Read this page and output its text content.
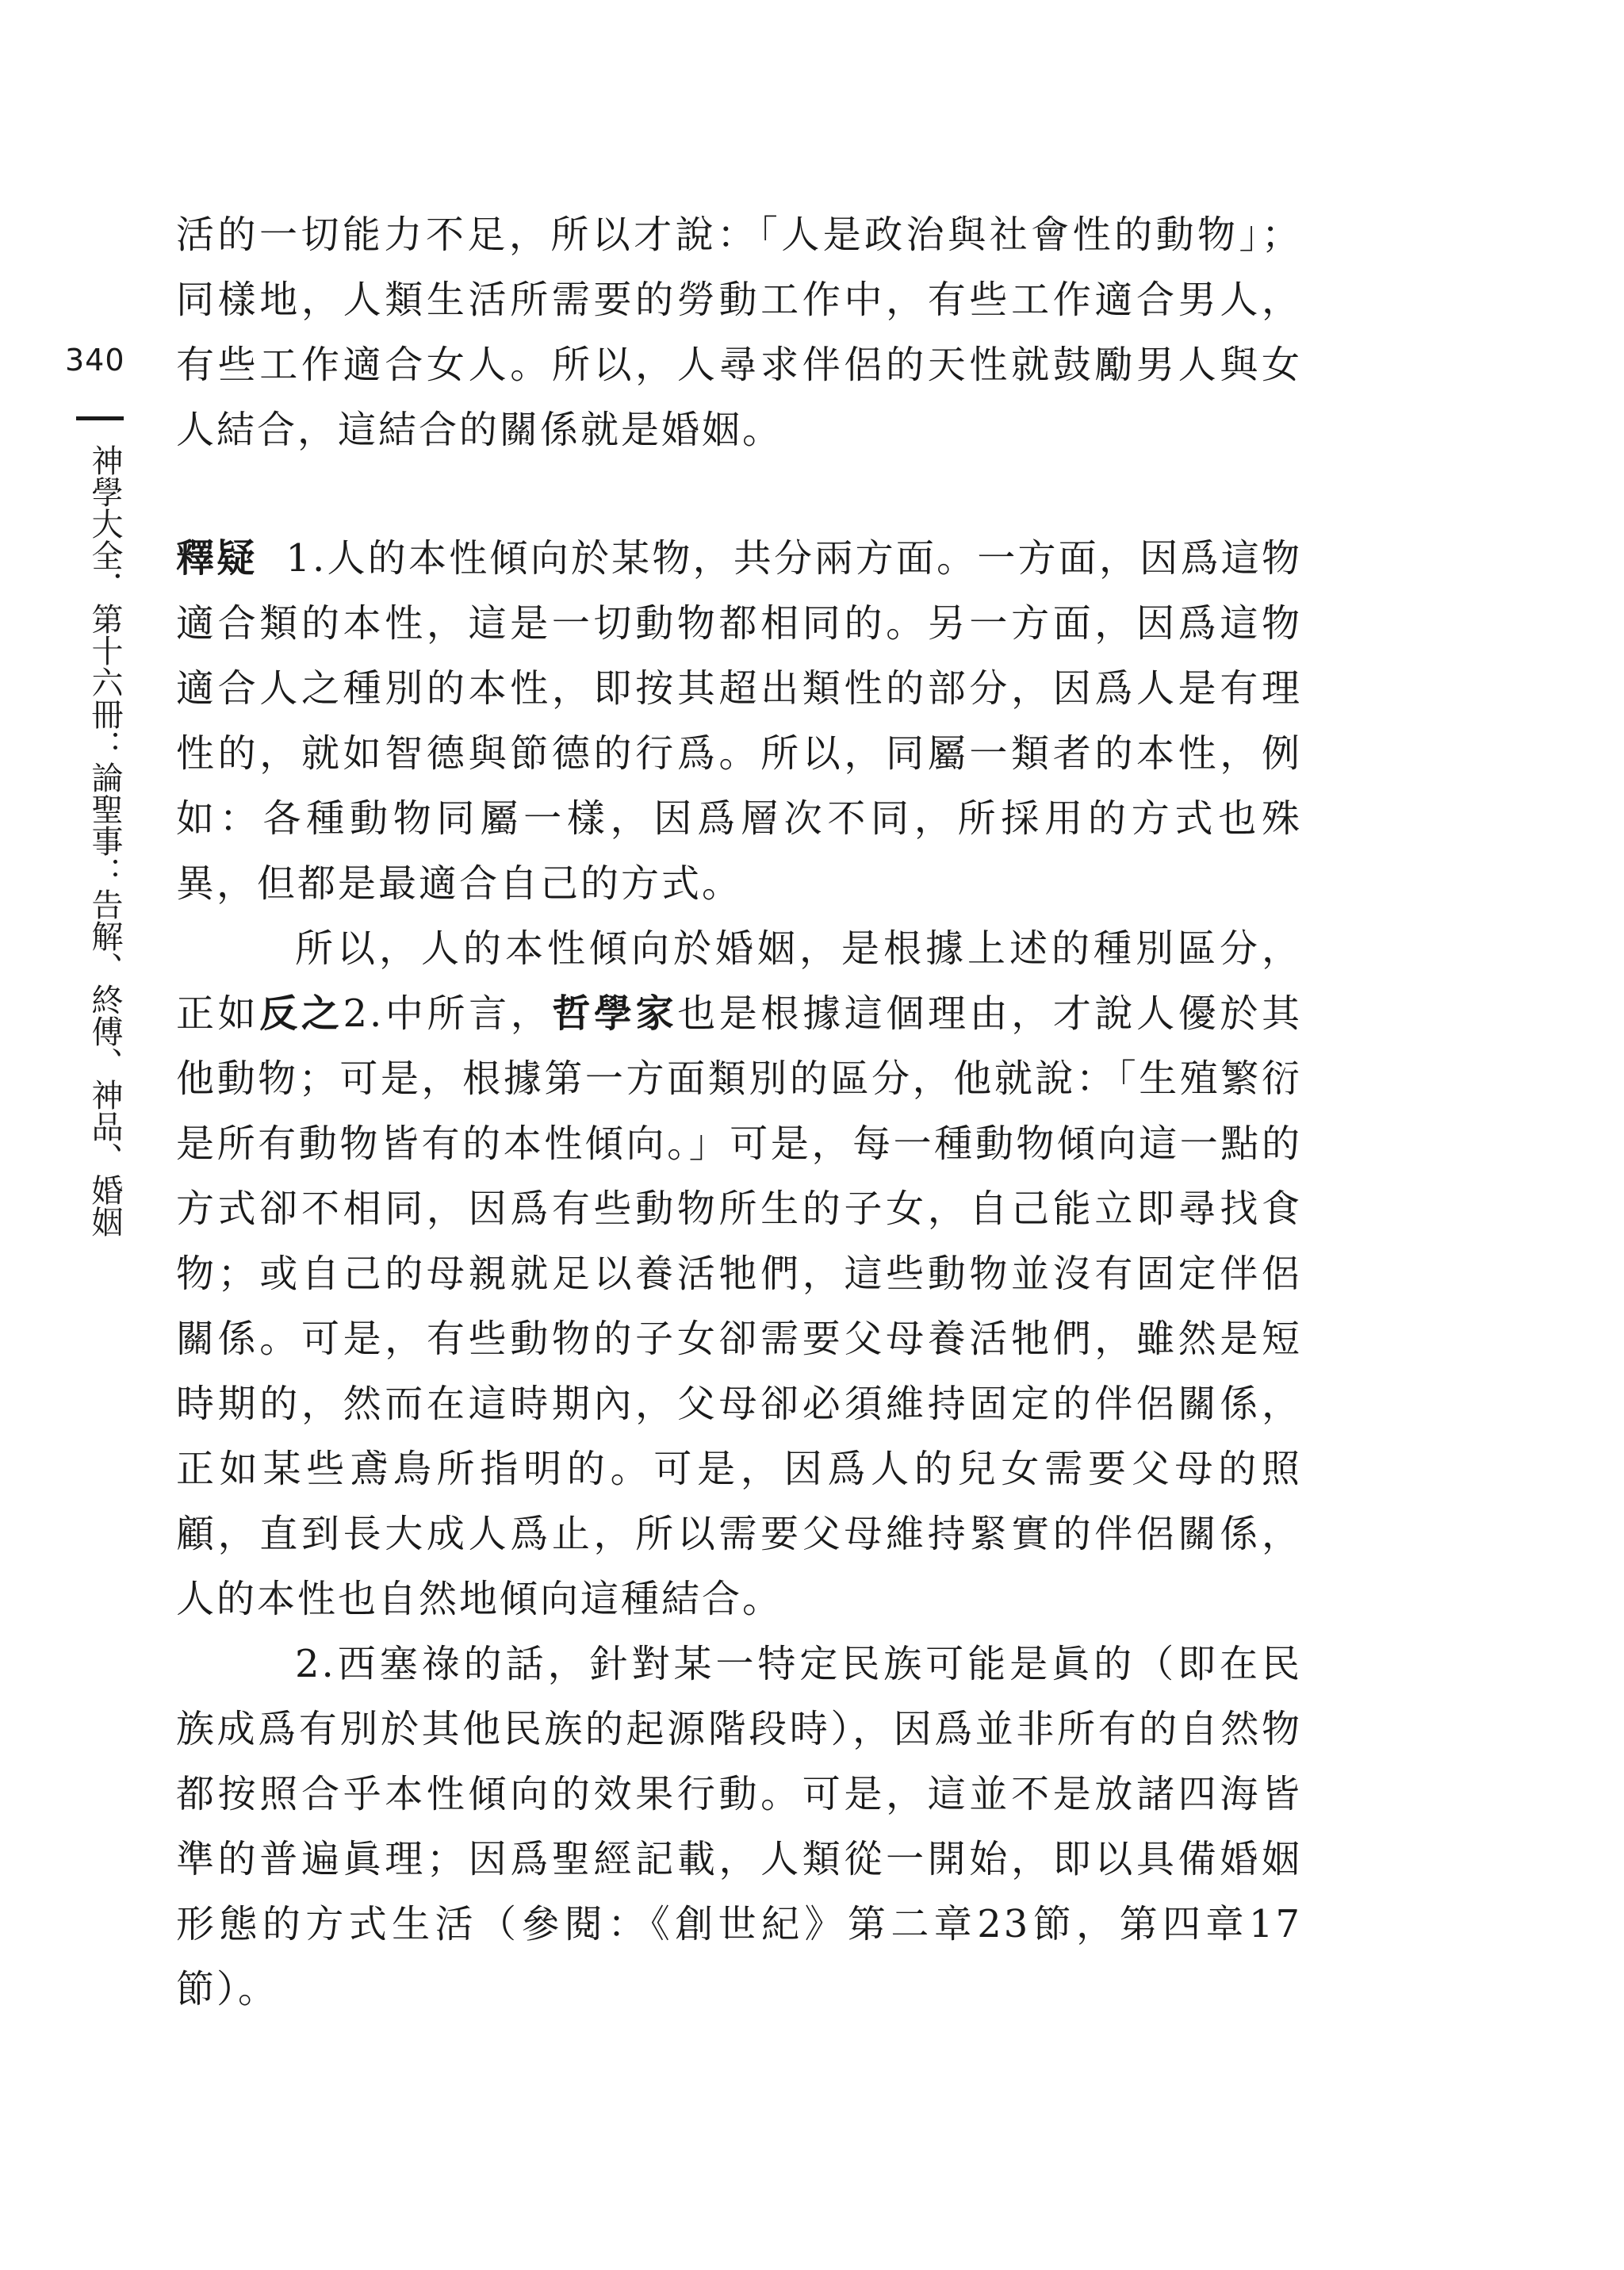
340
神學大全．第十六冊：論聖事：告解、終傅、神品、婚姻

活的一切能力不足，所以才說：「人是政治與社會性的動物」；同樣地，人類生活所需要的勞動工作中，有些工作適合男人，有些工作適合女人。所以，人尋求伴侶的天性就鼓勵男人與女人結合，這結合的關係就是婚姻。

釋疑 1.人的本性傾向於某物，共分兩方面。一方面，因爲這物適合類的本性，這是一切動物都相同的。另一方面，因爲這物適合人之種別的本性，即按其超出類性的部分，因爲人是有理性的，就如智德與節德的行爲。所以，同屬一類者的本性，例如：各種動物同屬一樣，因爲層次不同，所採用的方式也殊異，但都是最適合自己的方式。

所以，人的本性傾向於婚姻，是根據上述的種別區分，正如反之2.中所言，哲學家也是根據這個理由，才說人優於其他動物；可是，根據第一方面類別的區分，他就說：「生殖繁衍是所有動物皆有的本性傾向。」可是，每一種動物傾向這一點的方式卻不相同，因爲有些動物所生的子女，自己能立即尋找食物；或自己的母親就足以養活牠們，這些動物並沒有固定伴侶關係。可是，有些動物的子女卻需要父母養活牠們，雖然是短時期的，然而在這時期內，父母卻必須維持固定的伴侶關係，正如某些鳶鳥所指明的。可是，因爲人的兒女需要父母的照顧，直到長大成人爲止，所以需要父母維持緊實的伴侶關係，人的本性也自然地傾向這種結合。

2.西塞祿的話，針對某一特定民族可能是眞的（即在民族成爲有別於其他民族的起源階段時），因爲並非所有的自然物都按照合乎本性傾向的效果行動。可是，這並不是放諸四海皆準的普遍眞理；因爲聖經記載，人類從一開始，即以具備婚姻形態的方式生活（參閱：《創世紀》第二章23節，第四章17節）。
